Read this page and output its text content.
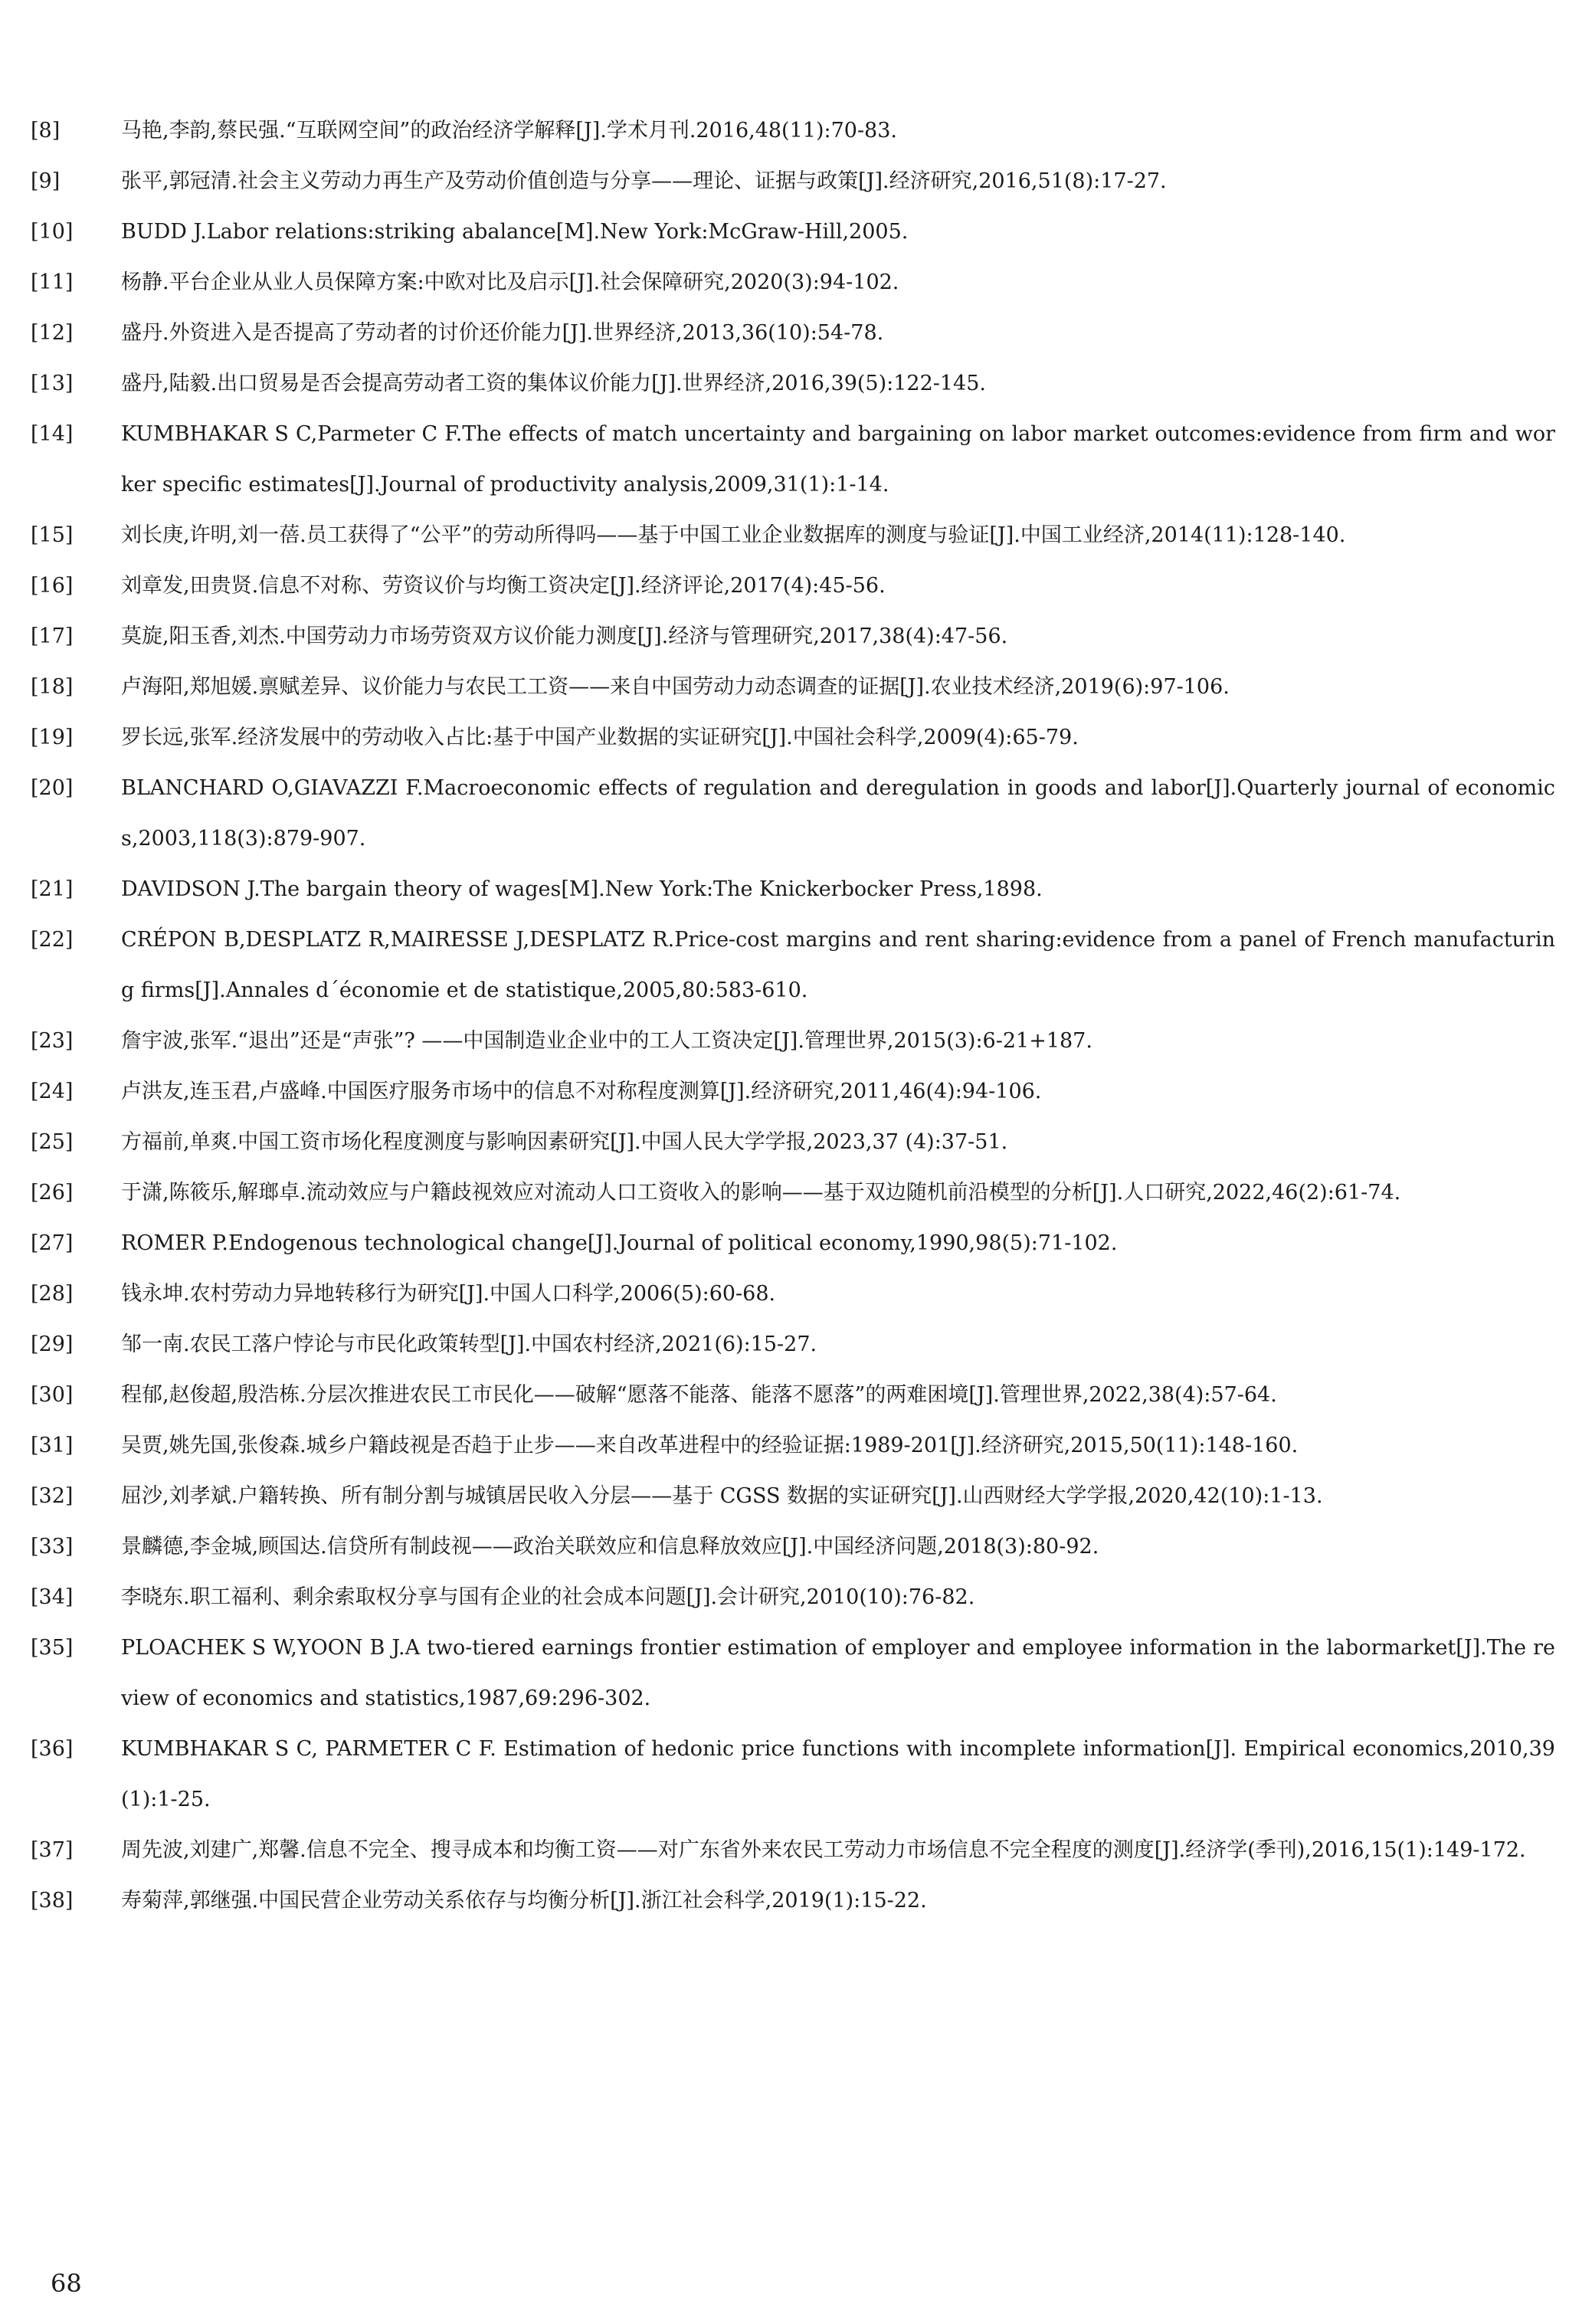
[8]	马艳,李韵,蔡民强.“互联网空间”的政治经济学解释[J].学术月刊.2016,48(11):70-83.

[9]	张平,郭冠清.社会主义劳动力再生产及劳动价值创造与分享——理论、证据与政策[J].经济研究,2016,51(8):17-27.

[10]	BUDD J.Labor relations:striking abalance[M].New York:McGraw-Hill,2005.

[11]	杨静.平台企业从业人员保障方案:中欧对比及启示[J].社会保障研究,2020(3):94-102.

[12]	盛丹.外资进入是否提高了劳动者的讨价还价能力[J].世界经济,2013,36(10):54-78.

[13]	盛丹,陆毅.出口贸易是否会提高劳动者工资的集体议价能力[J].世界经济,2016,39(5):122-145.

[14]	KUMBHAKAR S C,Parmeter C F.The effects of match uncertainty and bargaining on labor market outcomes:evidence from firm and worker specific estimates[J].Journal of productivity analysis,2009,31(1):1-14.

[15]	刘长庚,许明,刘一蓓.员工获得了“公平”的劳动所得吗——基于中国工业企业数据库的测度与验证[J].中国工业经济,2014(11):128-140.

[16]	刘章发,田贵贤.信息不对称、劳资议价与均衡工资决定[J].经济评论,2017(4):45-56.

[17]	莫旋,阳玉香,刘杰.中国劳动力市场劳资双方议价能力测度[J].经济与管理研究,2017,38(4):47-56.

[18]	卢海阳,郑旭媛.禀赋差异、议价能力与农民工工资——来自中国劳动力动态调查的证据[J].农业技术经济,2019(6):97-106.

[19]	罗长远,张军.经济发展中的劳动收入占比:基于中国产业数据的实证研究[J].中国社会科学,2009(4):65-79.

[20]	BLANCHARD O,GIAVAZZI F.Macroeconomic effects of regulation and deregulation in goods and labor[J].Quarterly journal of economics,2003,118(3):879-907.

[21]	DAVIDSON J.The bargain theory of wages[M].New York:The Knickerbocker Press,1898.

[22]	CRÉPON B,DESPLATZ R,MAIRESSE J,DESPLATZ R.Price-cost margins and rent sharing:evidence from a panel of French manufacturing firms[J].Annales d´économie et de statistique,2005,80:583-610.

[23]	詹宇波,张军.“退出”还是“声张”? ——中国制造业企业中的工人工资决定[J].管理世界,2015(3):6-21+187.

[24]	卢洪友,连玉君,卢盛峰.中国医疗服务市场中的信息不对称程度测算[J].经济研究,2011,46(4):94-106.

[25]	方福前,单爽.中国工资市场化程度测度与影响因素研究[J].中国人民大学学报,2023,37 (4):37-51.

[26]	于潇,陈筱乐,解瑯卓.流动效应与户籍歧视效应对流动人口工资收入的影响——基于双边随机前沿模型的分析[J].人口研究,2022,46(2):61-74.

[27]	ROMER P.Endogenous technological change[J].Journal of political economy,1990,98(5):71-102.

[28]	钱永坤.农村劳动力异地转移行为研究[J].中国人口科学,2006(5):60-68.

[29]	邹一南.农民工落户悖论与市民化政策转型[J].中国农村经济,2021(6):15-27.

[30]	程郁,赵俊超,殷浩栋.分层次推进农民工市民化——破解“愿落不能落、能落不愿落”的两难困境[J].管理世界,2022,38(4):57-64.

[31]	吴贾,姚先国,张俊森.城乡户籍歧视是否趋于止步——来自改革进程中的经验证据:1989-201[J].经济研究,2015,50(11):148-160.

[32]	屈沙,刘孝斌.户籍转换、所有制分割与城镇居民收入分层——基于 CGSS 数据的实证研究[J].山西财经大学学报,2020,42(10):1-13.

[33]	景麟德,李金城,顾国达.信贷所有制歧视——政治关联效应和信息释放效应[J].中国经济问题,2018(3):80-92.

[34]	李晓东.职工福利、剩余索取权分享与国有企业的社会成本问题[J].会计研究,2010(10):76-82.

[35]	PLOACHEK S W,YOON B J.A two-tiered earnings frontier estimation of employer and employee information in the labormarket[J].The review of economics and statistics,1987,69:296-302.

[36]	KUMBHAKAR S C, PARMETER C F. Estimation of hedonic price functions with incomplete information[J]. Empirical economics,2010,39(1):1-25.

[37]	周先波,刘建广,郑馨.信息不完全、搜寻成本和均衡工资——对广东省外来农民工劳动力市场信息不完全程度的测度[J].经济学(季刊),2016,15(1):149-172.

[38]	寿菊萍,郭继强.中国民营企业劳动关系依存与均衡分析[J].浙江社会科学,2019(1):15-22.

68
